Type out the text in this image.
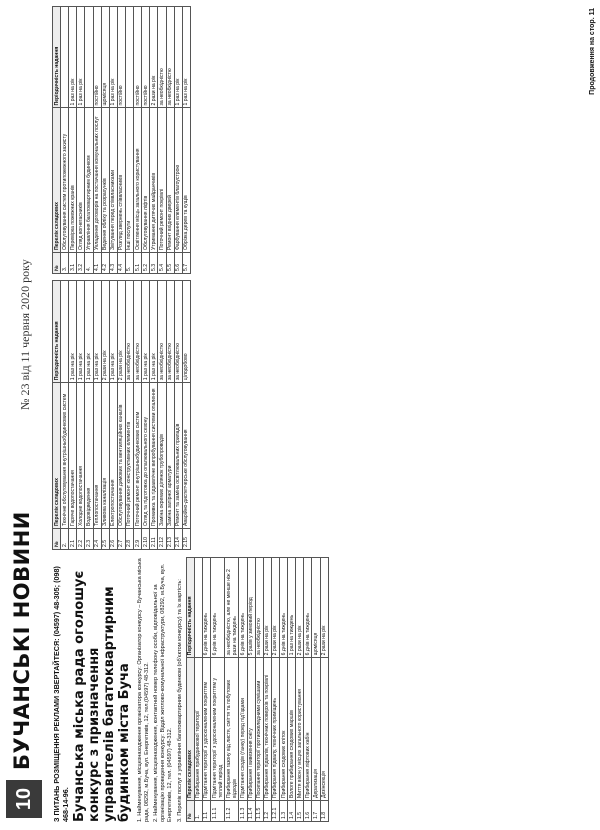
10
БУЧАНСЬКІ НОВИНИ
№ 23 від 11 червня 2020 року
З ПИТАНЬ РОЗМІЩЕННЯ РЕКЛАМИ ЗВЕРТАЙТЕСЯ: (04597) 48-305; (098) 468-14-96. Бучанська міська рада оголошує конкурс з призначення управителів багатоквартирним будинком міста Буча 1. Найменування, місцезнаходження організатора конкурсу: Організатор конкурсу – Бучанська міська рада, 08292, м.Буча, вул. Енергетиків, 12, тел.(04597) 48-312. 2. Найменування, місцезнаходження, контактний номер телефону особи, відповідальної за організацію проведення конкурсу: Відділ житлово-комунальної інфраструктури, 08292, м.Буча, вул. Енергетиків, 12, тел. (04597) 48-312. 3. Перелік послуг з управління багатоквартирним будинком (об'єктом конкурсу) та їх вартість: №	Перелік складових	Періодичність надання
1.	Прибирання прибудинкової території	
1.1	Підмітання території з удосконаленим покриттям	6 днів на тиждень
1.1.1	Підмітання території з удосконаленим покриттям у теплий період	6 днів на тиждень
1.1.2	Прибирання газону від листя, сміття та побутових відходів	за необхідністю, але не менше ніж 2 рази на тиждень
1.1.3	Підмітання сходів (ґанку) перед під'їздами	6 днів на тиждень
1.1.4	Прибирання і вивезення снігу	5 разів у зимовий період
1.1.5	Посипання території протиожеледними сумішами	за необхідністю
1.2	Прибирання підвалів, технічних поверхів та покрівлі	2 рази на рік
1.2.1	Прибирання підвалу, технічних приміщень	2 рази на рік
1.3	Прибирання сходових кліток	6 днів на тиждень
1.4	Вологе прибирання сходових маршів	1 раз на тиждень
1.5	Миття вікон у місцях загального користування	2 рази на рік
1.6	Прибирання ліфтових кабін	6 днів на тиждень
1.7	Дератизація	щомісяця
1.8	Дезінсекція	2 рази на рік
№	Перелік складових	Періодичність надання
2.	Технічне обслуговування внутрішньобудинкових систем	
2.1	Гаряче водопостачання	1 раз на рік
2.2	Холодне водопостачання	1 раз на рік
2.3	Водовідведення	1 раз на рік
2.4	Теплопостачання	1 раз на рік
2.5	Зливова каналізація	2 рази на рік
2.6	Електропостачання	1 раз на рік
2.7	Обслуговування димових та вентиляційних каналів	2 рази на рік
2.8	Поточний ремонт конструктивних елементів	за необхідністю
2.9	Поточний ремонт внутрішньобудинкових систем	за необхідністю
2.10	Огляд та підготовка до опалювального сезону	1 раз на рік
2.11	Промивка та гідравлічне випробування системи опалення	1 раз на рік
2.12	Заміна окремих ділянок трубопроводів	за необхідністю
2.13	Заміна запірної арматури	за необхідністю
2.14	Ремонт та заміна освітлювальних приладів	за необхідністю
2.15	Аварійно-диспетчерське обслуговування	цілодобово
№	Перелік складових	Періодичність надання
3.	Обслуговування систем протипожежного захисту	
3.1	Перевірка пожежних кранів	1 раз на рік
3.2	Огляд вогнегасників	1 раз на рік
4.	Управління багатоквартирним будинком	
4.1	Укладення договорів на постачання комунальних послуг	постійно
4.2	Ведення обліку та розрахунків	щомісяця
4.3	Звітування перед співвласниками	1 раз на рік
4.4	Розгляд звернень співвласників	постійно
5.	Інші послуги	
5.1	Освітлення місць загального користування	постійно
5.2	Обслуговування ліфтів	постійно
5.3	Утримання дитячих майданчиків	2 рази на рік
5.4	Поточний ремонт покрівлі	за необхідністю
5.5	Ремонт вхідних дверей	за необхідністю
5.6	Фарбування елементів благоустрою	1 раз на рік
5.7	Обрізка дерев та кущів	1 раз на рік	Продовження на стор. 11
